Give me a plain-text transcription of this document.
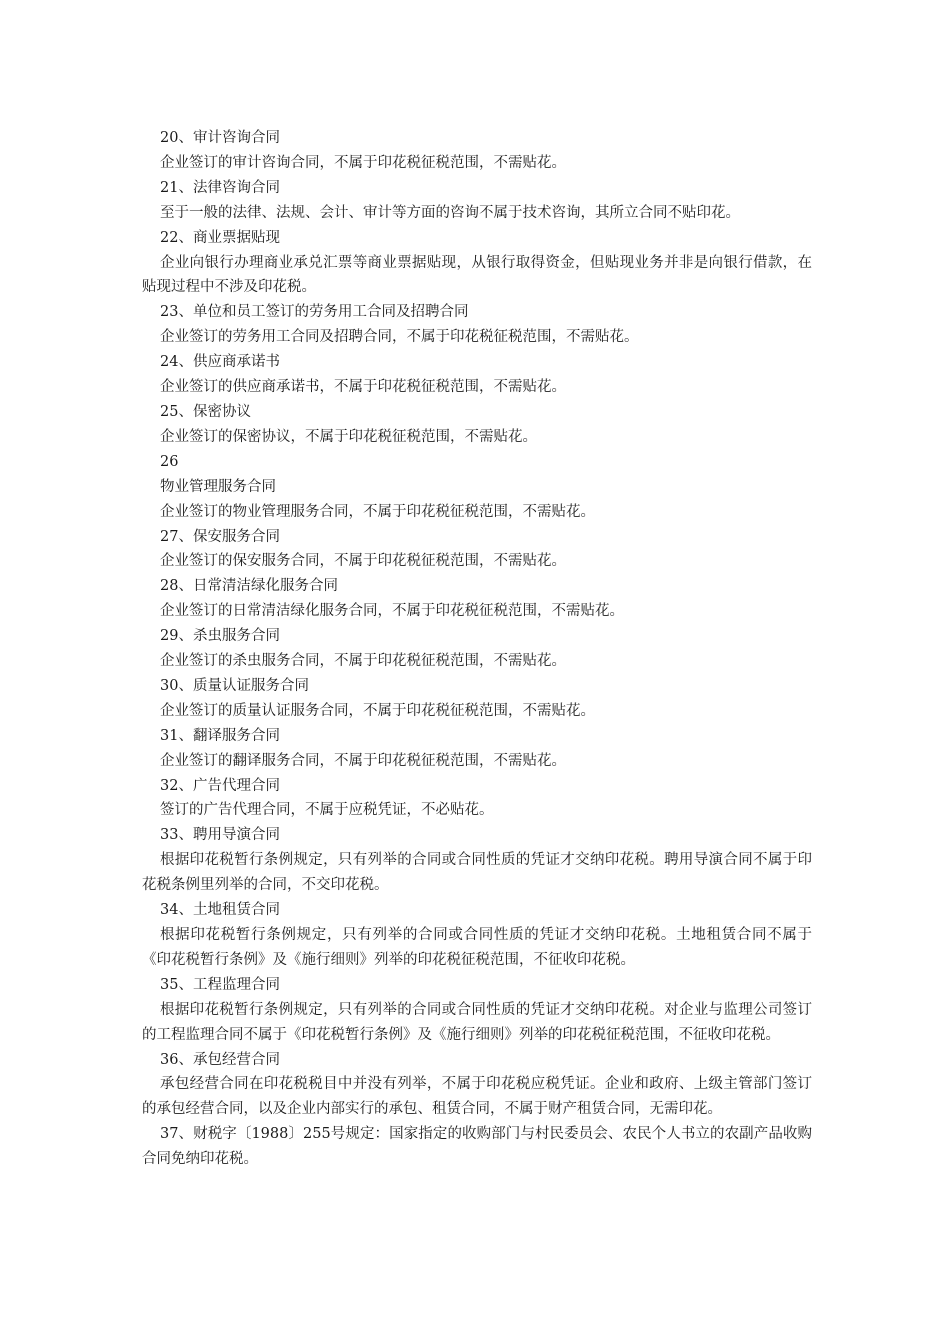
20、审计咨询合同

企业签订的审计咨询合同，不属于印花税征税范围，不需贴花。

21、法律咨询合同

至于一般的法律、法规、会计、审计等方面的咨询不属于技术咨询，其所立合同不贴印花。

22、商业票据贴现

企业向银行办理商业承兑汇票等商业票据贴现，从银行取得资金，但贴现业务并非是向银行借款，在贴现过程中不涉及印花税。

23、单位和员工签订的劳务用工合同及招聘合同

企业签订的劳务用工合同及招聘合同，不属于印花税征税范围，不需贴花。

24、供应商承诺书

企业签订的供应商承诺书，不属于印花税征税范围，不需贴花。

25、保密协议

企业签订的保密协议，不属于印花税征税范围，不需贴花。

26

物业管理服务合同

企业签订的物业管理服务合同，不属于印花税征税范围，不需贴花。

27、保安服务合同

企业签订的保安服务合同，不属于印花税征税范围，不需贴花。

28、日常清洁绿化服务合同

企业签订的日常清洁绿化服务合同，不属于印花税征税范围，不需贴花。

29、杀虫服务合同

企业签订的杀虫服务合同，不属于印花税征税范围，不需贴花。

30、质量认证服务合同

企业签订的质量认证服务合同，不属于印花税征税范围，不需贴花。

31、翻译服务合同

企业签订的翻译服务合同，不属于印花税征税范围，不需贴花。

32、广告代理合同

签订的广告代理合同，不属于应税凭证，不必贴花。

33、聘用导演合同

根据印花税暂行条例规定，只有列举的合同或合同性质的凭证才交纳印花税。聘用导演合同不属于印花税条例里列举的合同，不交印花税。

34、土地租赁合同

根据印花税暂行条例规定，只有列举的合同或合同性质的凭证才交纳印花税。土地租赁合同不属于《印花税暂行条例》及《施行细则》列举的印花税征税范围，不征收印花税。

35、工程监理合同

根据印花税暂行条例规定，只有列举的合同或合同性质的凭证才交纳印花税。对企业与监理公司签订的工程监理合同不属于《印花税暂行条例》及《施行细则》列举的印花税征税范围，不征收印花税。

36、承包经营合同

承包经营合同在印花税税目中并没有列举，不属于印花税应税凭证。企业和政府、上级主管部门签订的承包经营合同，以及企业内部实行的承包、租赁合同，不属于财产租赁合同，无需印花。

37、财税字〔1988〕255号规定：国家指定的收购部门与村民委员会、农民个人书立的农副产品收购合同免纳印花税。
